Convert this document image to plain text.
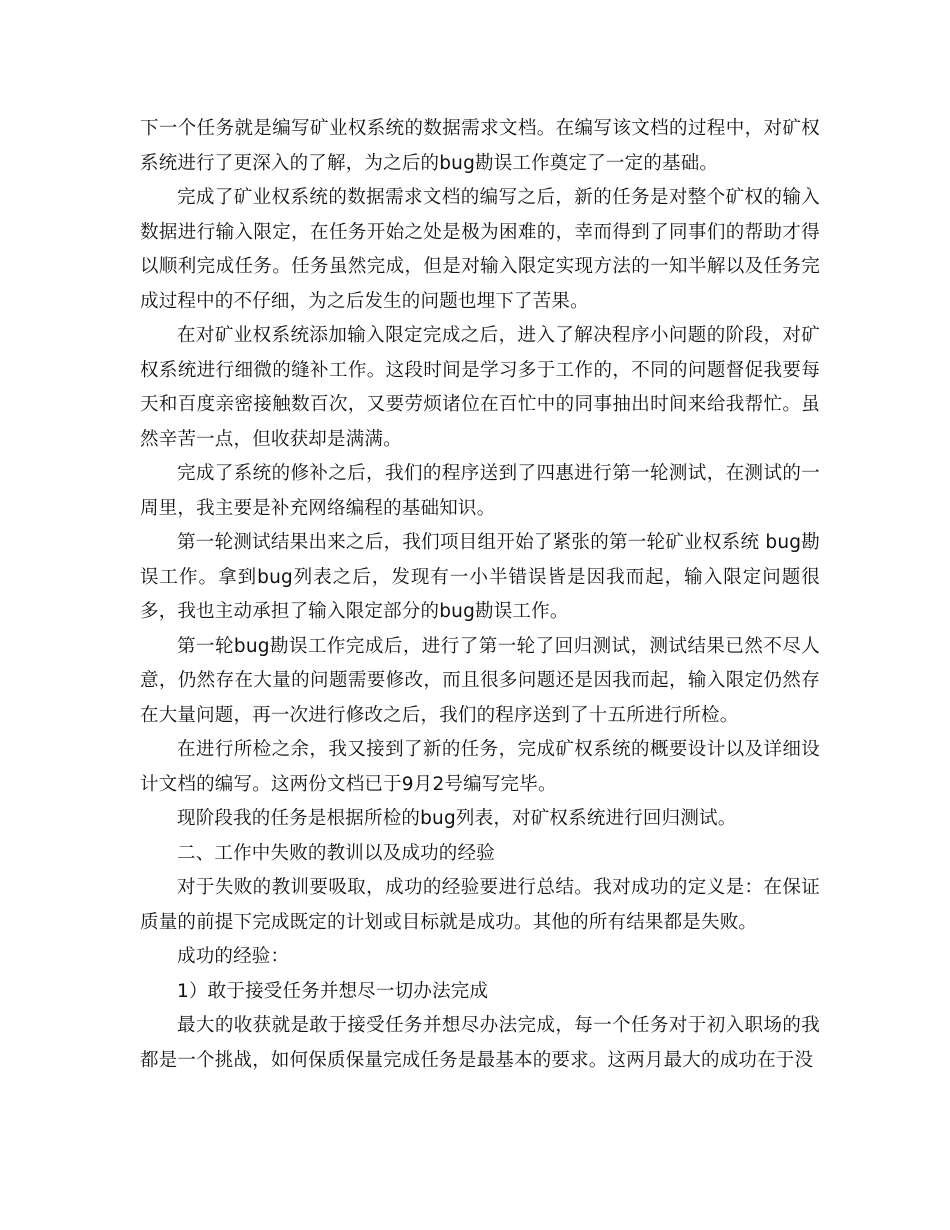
下一个任务就是编写矿业权系统的数据需求文档。在编写该文档的过程中，对矿权系统进行了更深入的了解，为之后的bug勘误工作奠定了一定的基础。

完成了矿业权系统的数据需求文档的编写之后，新的任务是对整个矿权的输入数据进行输入限定，在任务开始之处是极为困难的，幸而得到了同事们的帮助才得以顺利完成任务。任务虽然完成，但是对输入限定实现方法的一知半解以及任务完成过程中的不仔细，为之后发生的问题也埋下了苦果。

在对矿业权系统添加输入限定完成之后，进入了解决程序小问题的阶段，对矿权系统进行细微的缝补工作。这段时间是学习多于工作的，不同的问题督促我要每天和百度亲密接触数百次，又要劳烦诸位在百忙中的同事抽出时间来给我帮忙。虽然辛苦一点，但收获却是满满。

完成了系统的修补之后，我们的程序送到了四惠进行第一轮测试，在测试的一周里，我主要是补充网络编程的基础知识。

第一轮测试结果出来之后，我们项目组开始了紧张的第一轮矿业权系统 bug勘误工作。拿到bug列表之后，发现有一小半错误皆是因我而起，输入限定问题很多，我也主动承担了输入限定部分的bug勘误工作。

第一轮bug勘误工作完成后，进行了第一轮了回归测试，测试结果已然不尽人意，仍然存在大量的问题需要修改，而且很多问题还是因我而起，输入限定仍然存在大量问题，再一次进行修改之后，我们的程序送到了十五所进行所检。

在进行所检之余，我又接到了新的任务，完成矿权系统的概要设计以及详细设计文档的编写。这两份文档已于9月2号编写完毕。

现阶段我的任务是根据所检的bug列表，对矿权系统进行回归测试。

二、工作中失败的教训以及成功的经验

对于失败的教训要吸取，成功的经验要进行总结。我对成功的定义是：在保证质量的前提下完成既定的计划或目标就是成功。其他的所有结果都是失败。

成功的经验：

1）敢于接受任务并想尽一切办法完成

最大的收获就是敢于接受任务并想尽办法完成，每一个任务对于初入职场的我都是一个挑战，如何保质保量完成任务是最基本的要求。这两月最大的成功在于没
